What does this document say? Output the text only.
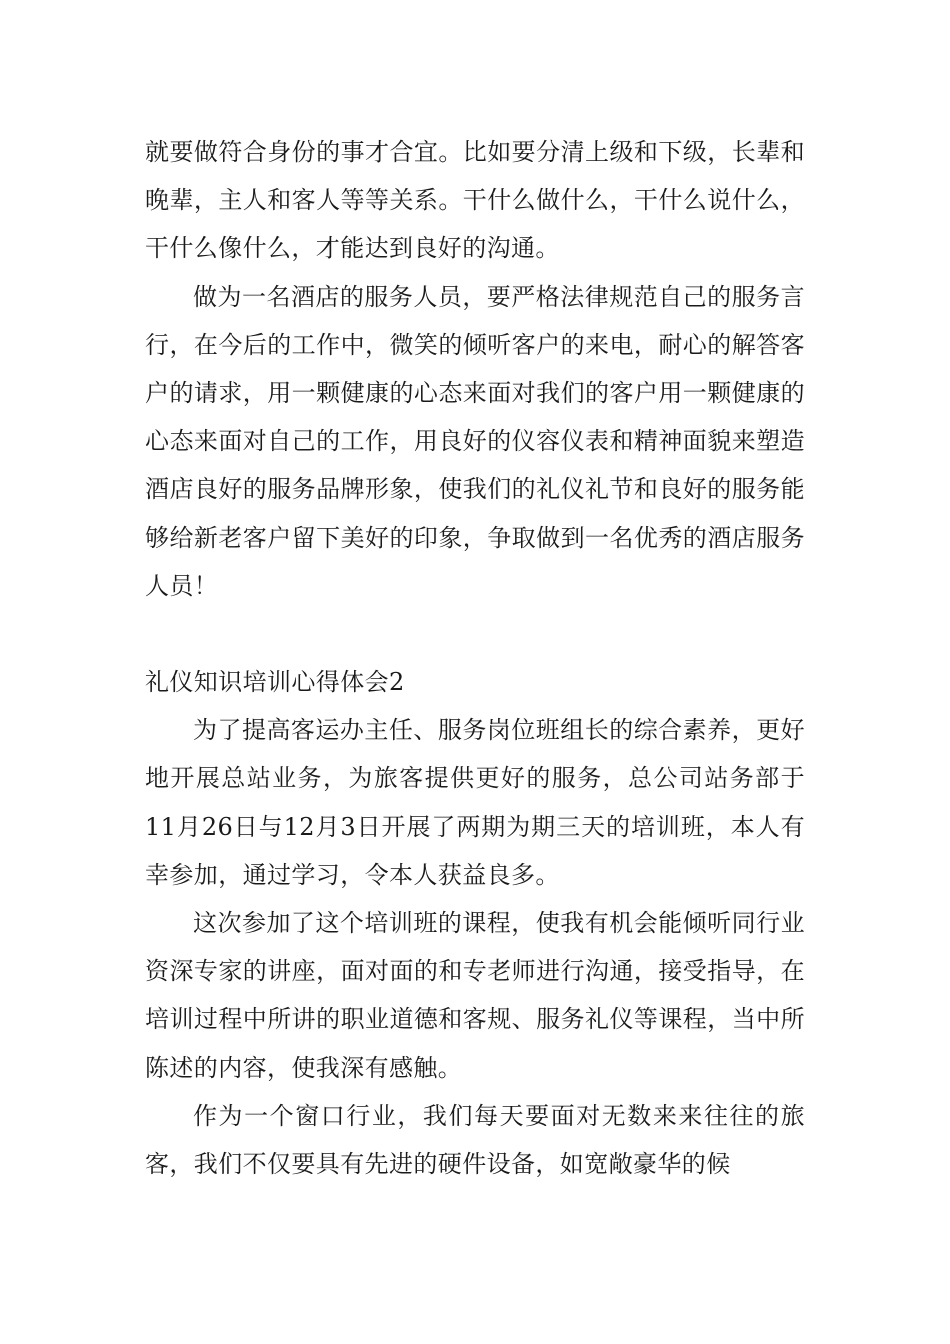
就要做符合身份的事才合宜。比如要分清上级和下级，长辈和晚辈，主人和客人等等关系。干什么做什么，干什么说什么，干什么像什么，才能达到良好的沟通。

做为一名酒店的服务人员，要严格法律规范自己的服务言行，在今后的工作中，微笑的倾听客户的来电，耐心的解答客户的请求，用一颗健康的心态来面对我们的客户用一颗健康的心态来面对自己的工作，用良好的仪容仪表和精神面貌来塑造酒店良好的服务品牌形象，使我们的礼仪礼节和良好的服务能够给新老客户留下美好的印象，争取做到一名优秀的酒店服务人员！

礼仪知识培训心得体会2

为了提高客运办主任、服务岗位班组长的综合素养，更好地开展总站业务，为旅客提供更好的服务，总公司站务部于11月26日与12月3日开展了两期为期三天的培训班，本人有幸参加，通过学习，令本人获益良多。

这次参加了这个培训班的课程，使我有机会能倾听同行业资深专家的讲座，面对面的和专老师进行沟通，接受指导，在培训过程中所讲的职业道德和客规、服务礼仪等课程，当中所陈述的内容，使我深有感触。

作为一个窗口行业，我们每天要面对无数来来往往的旅客，我们不仅要具有先进的硬件设备，如宽敞豪华的候
